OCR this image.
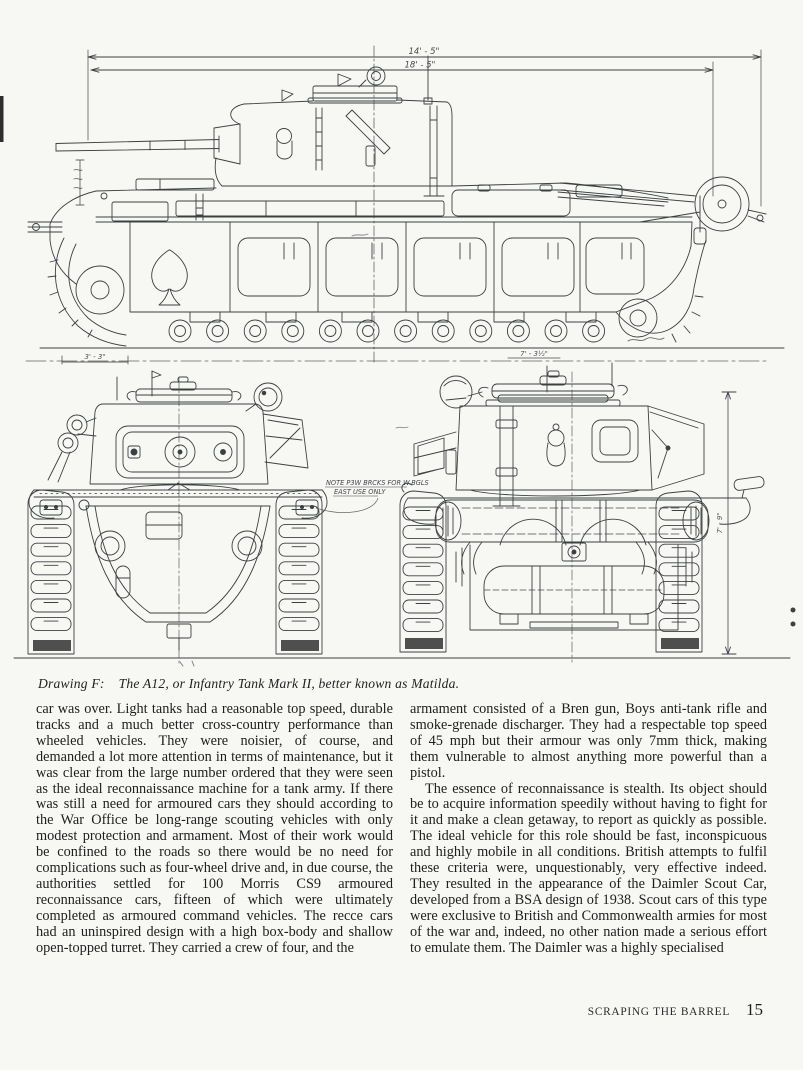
14' - 5"
18' - 5"
3' - 3"	7' - 3½"
NOTE P3W BRCKS FOR W.BGLS
EAST USE ONLY
7' - 9"
Drawing F: The A12, or Infantry Tank Mark II, better known as Matilda.

car was over. Light tanks had a reasonable top speed, durable tracks and a much better cross-country performance than wheeled vehicles. They were noisier, of course, and demanded a lot more attention in terms of maintenance, but it was clear from the large number ordered that they were seen as the ideal reconnaissance machine for a tank army. If there was still a need for armoured cars they should according to the War Office be long-range scouting vehicles with only modest protection and armament. Most of their work would be confined to the roads so there would be no need for complications such as four-wheel drive and, in due course, the authorities settled for 100 Morris CS9 armoured reconnaissance cars, fifteen of which were ultimately completed as armoured command vehicles. The recce cars had an uninspired design with a high box-body and shallow open-topped turret. They carried a crew of four, and the

armament consisted of a Bren gun, Boys anti-tank rifle and smoke-grenade discharger. They had a respectable top speed of 45 mph but their armour was only 7mm thick, making them vulnerable to almost anything more powerful than a pistol.

The essence of reconnaissance is stealth. Its object should be to acquire information speedily without having to fight for it and make a clean getaway, to report as quickly as possible. The ideal vehicle for this role should be fast, inconspicuous and highly mobile in all conditions. British attempts to fulfil these criteria were, unquestionably, very effective indeed. They resulted in the appearance of the Daimler Scout Car, developed from a BSA design of 1938. Scout cars of this type were exclusive to British and Commonwealth armies for most of the war and, indeed, no other nation made a serious effort to emulate them. The Daimler was a highly specialised

SCRAPING THE BARREL 15
